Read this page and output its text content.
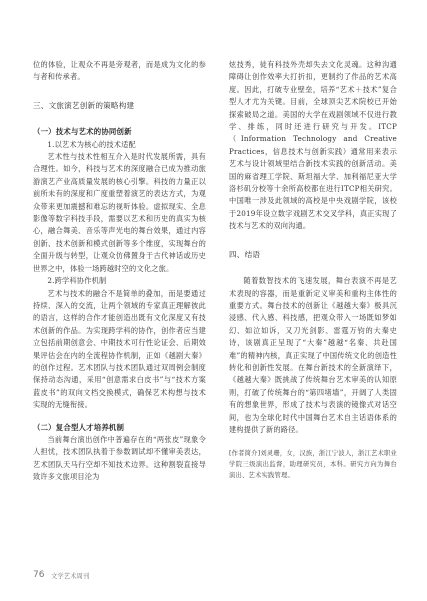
位的体验，让观众不再是旁观者，而是成为文化的参与者和传承者。

三、文旅演艺创新的策略构建

（一）技术与艺术的协同创新

1.以艺术为核心的技术适配

艺术性与技术性相互介入是时代发展所需，具有合理性。如今，科技与艺术的深度融合已成为推动旅游演艺产业高质量发展的核心引擎。科技的力量正以前所未有的深度和广度重塑着演艺的表达方式，为观众带来更加震撼和难忘的视听体验。虚拟现实、全息影像等数字科技手段，需要以艺术和历史的真实为核心，融合舞美、音乐等声光电的舞台效果，通过内容创新、技术创新和模式创新等多个维度，实现舞台的全面升级与转型，让观众仿佛置身于古代神话或历史世界之中，体验一场跨越时空的文化之旅。

2.跨学科协作机制

艺术与技术的融合不是简单的叠加，而是要通过持续、深入的交流，让两个领域的专家真正理解彼此的语言，这样的合作才能创造出既有文化深度又有技术创新的作品。为实现跨学科的协作，创作者应当建立包括前期创意会、中期技术可行性论证会、后期效果评估会在内的全流程协作机制，正如《越剧大秦》的创作过程。艺术团队与技术团队通过双周例会制度保持动态沟通，采用“创意需求白皮书”与“技术方案蓝皮书”的双向文档交换模式，确保艺术构想与技术实现的无缝衔接。

（二）复合型人才培养机制

当前舞台演出创作中普遍存在的“两张皮”现象令人担忧，技术团队执着于参数调试却不懂审美表达，艺术团队天马行空却不知技术边界。这种割裂直接导致许多文旅项目沦为

炫技秀，徒有科技外壳却失去文化灵魂。这种沟通障碍让创作效率大打折扣，更制约了作品的艺术高度。因此，打破专业壁垒，培养“艺术＋技术”复合型人才尤为关键。目前，全球顶尖艺术院校已开始探索破局之道。美国的大学在戏剧领域不仅进行教学、排练，同时还进行研究与开发。ITCP（Information Technology and Creative Practices，信息技术与创新实践）通常用来表示艺术与设计领域里结合新技术实践的创新活动。美国的麻省理工学院、斯坦福大学、加利福尼亚大学洛杉矶分校等十余所高校都在进行ITCP相关研究。中国唯一涉及此领域的高校是中央戏剧学院，该校于2019年设立数字戏剧艺术交叉学科，真正实现了技术与艺术的双向沟通。

四、结语

随着数智技术的飞速发展，舞台表演不再是艺术表现的容器，而是重新定义审美和重构主体性的重要方式。舞台技术的创新让《越越大秦》极具沉浸感、代入感、科技感，把观众带入一场既如梦如幻、如泣如诉，又刀光剑影、雷霆万钧的大秦史诗，该剧真正呈现了“大秦”越越“名秦、共赴国难”的精神内核，真正实现了中国传统文化的创造性转化和创新性发展。在舞台新技术的全新演绎下，《越越大秦》既挑战了传统舞台艺术审美的认知原则，打破了传统舞台的“第四堵墙”，开阔了人类固有的想象世界，形成了技术与表演的镜像式对话空间，也为全球化时代中国舞台艺术自主话语体系的建构提供了新的路径。

[作者简介]刘灵珊，女，汉族，浙江宁波人，浙江艺术职业学院三级演出监督，助理研究员，本科。研究方向为舞台演出、艺术实践管理。

76 文学艺术周刊
